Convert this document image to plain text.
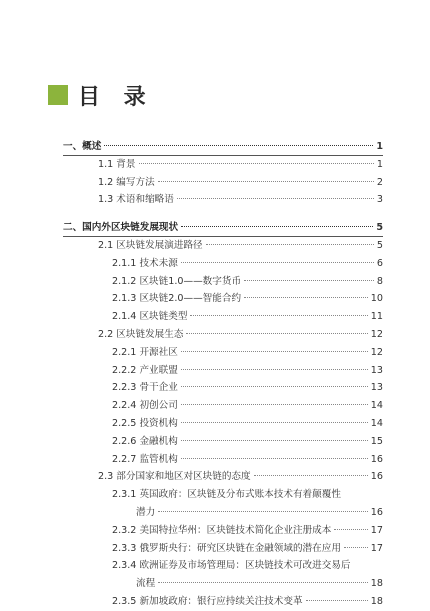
目 录
一、概述	1
1.1 背景	1
1.2 编写方法	2
1.3 术语和缩略语	3
二、国内外区块链发展现状	5
2.1 区块链发展演进路径	5
2.1.1 技术未源	6
2.1.2 区块链1.0——数字货币	8
2.1.3 区块链2.0——智能合约	10
2.1.4 区块链类型	11
2.2 区块链发展生态	12
2.2.1 开源社区	12
2.2.2 产业联盟	13
2.2.3 骨干企业	13
2.2.4 初创公司	14
2.2.5 投资机构	14
2.2.6 金融机构	15
2.2.7 监管机构	16
2.3 部分国家和地区对区块链的态度	16
2.3.1 英国政府：区块链及分布式账本技术有着颠覆性
潜力	16
2.3.2 美国特拉华州：区块链技术简化企业注册成本	17
2.3.3 俄罗斯央行：研究区块链在金融领域的潜在应用	17
2.3.4 欧洲证券及市场管理局：区块链技术可改进交易后
流程	18
2.3.5 新加坡政府：银行应持续关注技术变革	18
